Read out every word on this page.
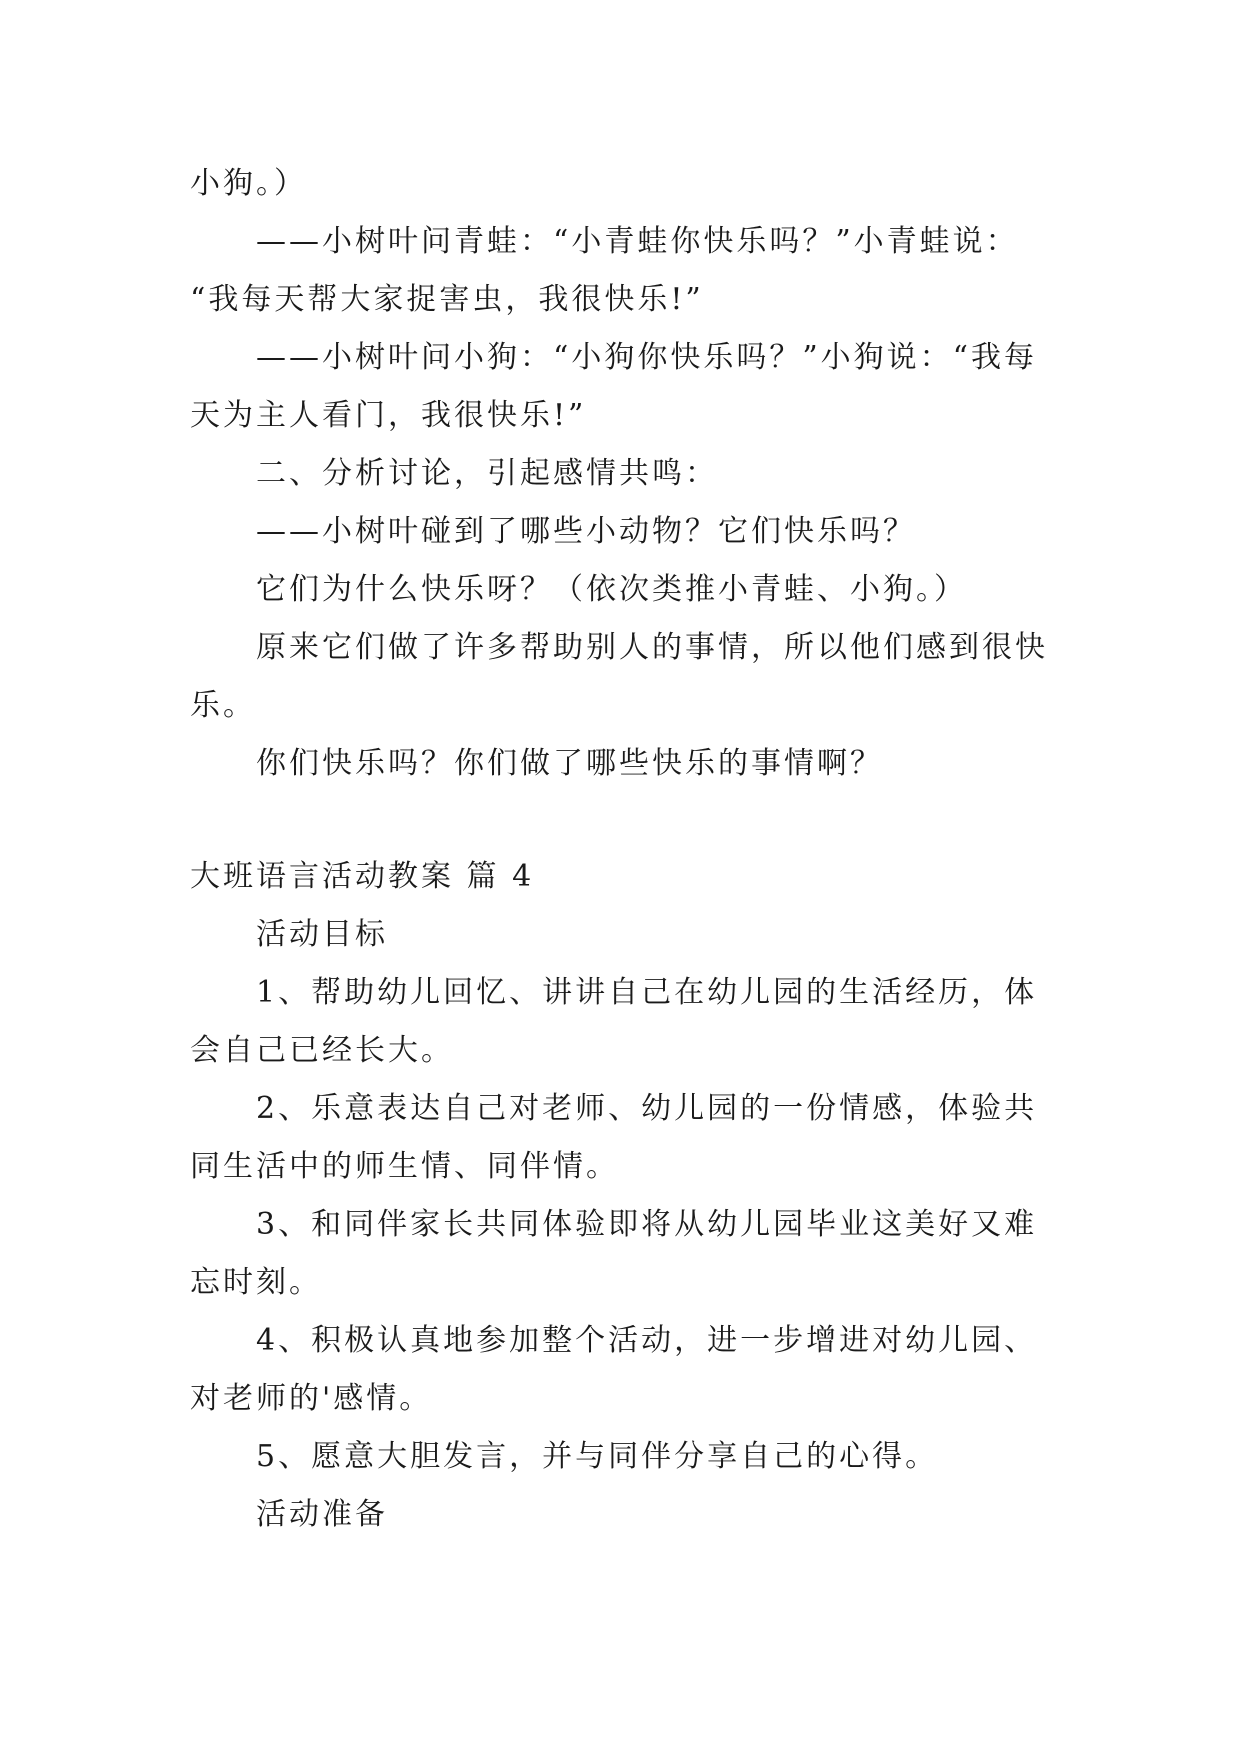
小狗。）
——小树叶问青蛙：“小青蛙你快乐吗？”小青蛙说：
“我每天帮大家捉害虫，我很快乐!”
——小树叶问小狗：“小狗你快乐吗？”小狗说：“我每
天为主人看门，我很快乐!”
二、分析讨论，引起感情共鸣：
——小树叶碰到了哪些小动物？它们快乐吗？
它们为什么快乐呀？（依次类推小青蛙、小狗。）
原来它们做了许多帮助别人的事情，所以他们感到很快
乐。
你们快乐吗？你们做了哪些快乐的事情啊？
大班语言活动教案 篇 4
活动目标
1、帮助幼儿回忆、讲讲自己在幼儿园的生活经历，体
会自己已经长大。
2、乐意表达自己对老师、幼儿园的一份情感，体验共
同生活中的师生情、同伴情。
3、和同伴家长共同体验即将从幼儿园毕业这美好又难
忘时刻。
4、积极认真地参加整个活动，进一步增进对幼儿园、
对老师的'感情。
5、愿意大胆发言，并与同伴分享自己的心得。
活动准备
